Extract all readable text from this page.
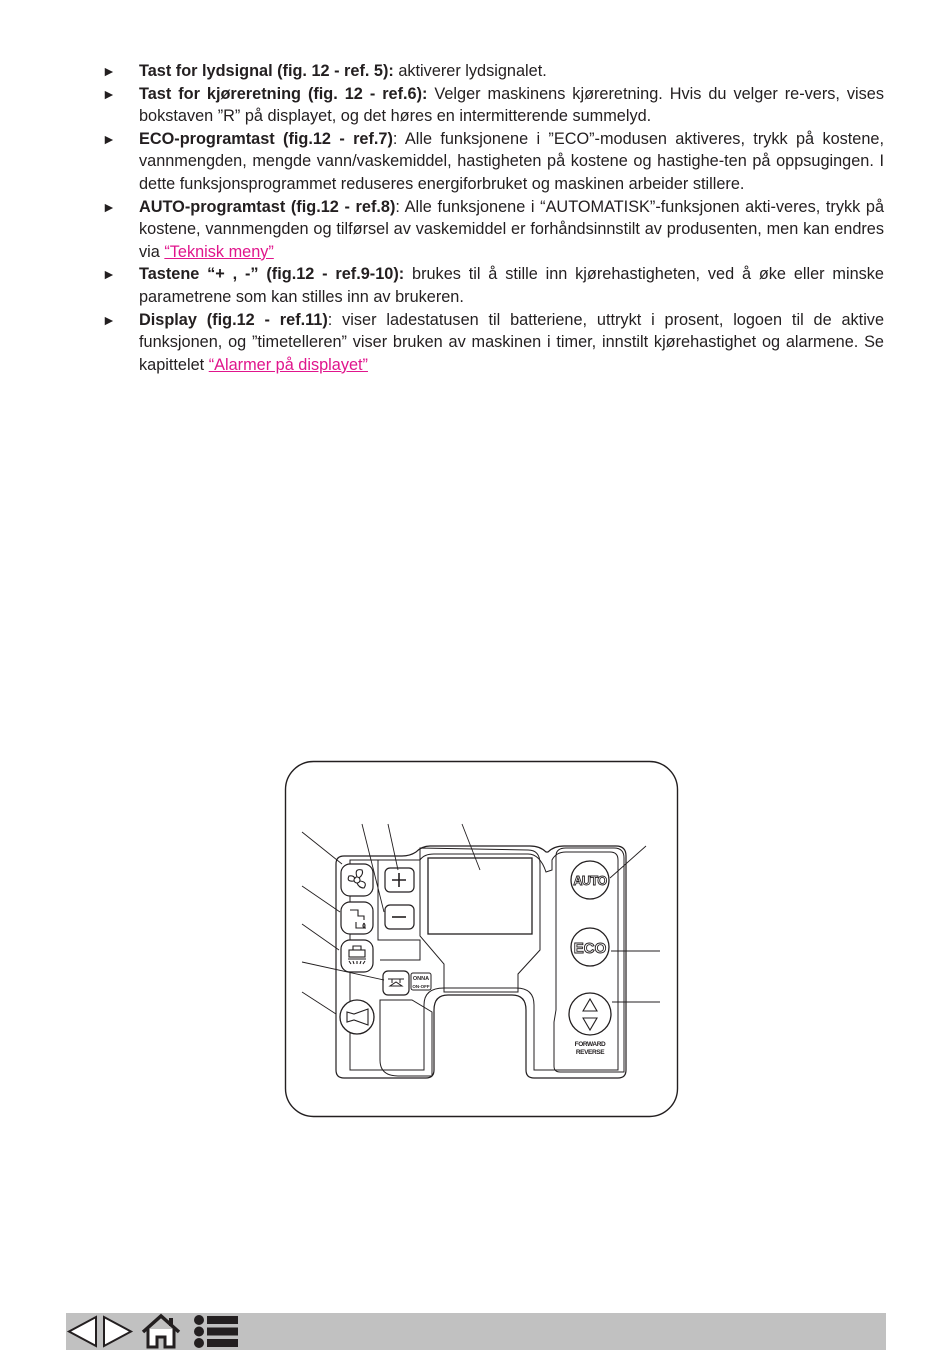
► Tast for lydsignal (fig. 12 - ref. 5): aktiverer lydsignalet.
► Tast for kjøreretning (fig. 12 - ref.6): Velger maskinens kjøreretning. Hvis du velger re-vers, vises bokstaven ”R” på displayet, og det høres en intermitterende summelyd.
► ECO-programtast (fig.12 - ref.7): Alle funksjonene i ”ECO”-modusen aktiveres, trykk på kostene, vannmengden, mengde vann/vaskemiddel, hastigheten på kostene og hastighe-ten på oppsugingen. I dette funksjonsprogrammet reduseres energiforbruket og maskinen arbeider stillere.
► AUTO-programtast (fig.12 - ref.8): Alle funksjonene i “AUTOMATISK”-funksjonen akti-veres, trykk på kostene, vannmengden og tilførsel av vaskemiddel er forhåndsinnstilt av produsenten, men kan endres via “Teknisk meny”
► Tastene “+ , -” (fig.12 - ref.9-10): brukes til å stille inn kjørehastigheten, ved å øke eller minske parametrene som kan stilles inn av brukeren.
► Display (fig.12 - ref.11): viser ladestatusen til batteriene, uttrykt i prosent, logoen til de aktive funksjonen, og ”timetelleren” viser bruken av maskinen i timer, innstilt kjørehastighet og alarmene. Se kapittelet “Alarmer på displayet”
ONNA
ON-OFF
AUTO
ECO
FORWARD
REVERSE
